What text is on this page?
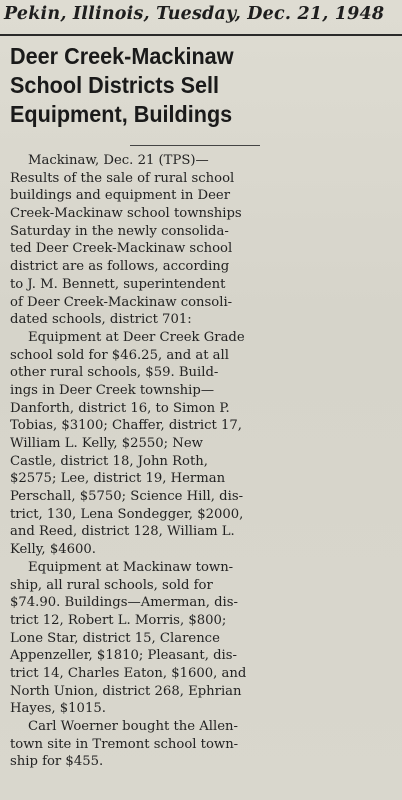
Pekin, Illinois, Tuesday, Dec. 21, 1948
Deer Creek-Mackinaw
School Districts Sell
Equipment, Buildings
Mackinaw, Dec. 21 (TPS)—
Results of the sale of rural school
buildings and equipment in Deer
Creek-Mackinaw school townships
Saturday in the newly consolida-
ted Deer Creek-Mackinaw school
district are as follows, according
to J. M. Bennett, superintendent
of Deer Creek-Mackinaw consoli-
dated schools, district 701:
Equipment at Deer Creek Grade
school sold for $46.25, and at all
other rural schools, $59. Build-
ings in Deer Creek township—
Danforth, district 16, to Simon P.
Tobias, $3100; Chaffer, district 17,
William L. Kelly, $2550; New
Castle, district 18, John Roth,
$2575; Lee, district 19, Herman
Perschall, $5750; Science Hill, dis-
trict, 130, Lena Sondegger, $2000,
and Reed, district 128, William L.
Kelly, $4600.
Equipment at Mackinaw town-
ship, all rural schools, sold for
$74.90. Buildings—Amerman, dis-
trict 12, Robert L. Morris, $800;
Lone Star, district 15, Clarence
Appenzeller, $1810; Pleasant, dis-
trict 14, Charles Eaton, $1600, and
North Union, district 268, Ephrian
Hayes, $1015.
Carl Woerner bought the Allen-
town site in Tremont school town-
ship for $455.
